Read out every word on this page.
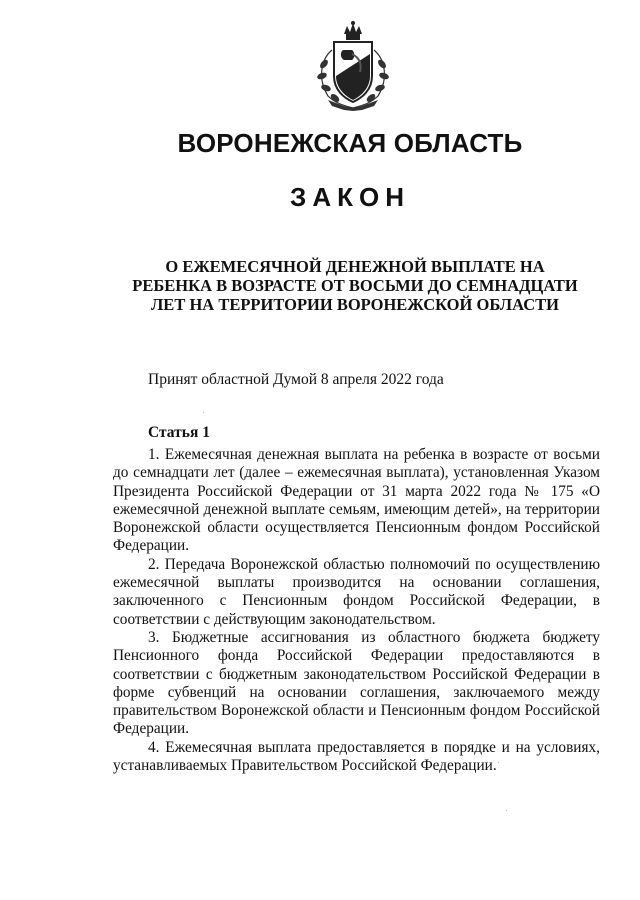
ВОРОНЕЖСКАЯ ОБЛАСТЬ
ЗАКОН
О ЕЖЕМЕСЯЧНОЙ ДЕНЕЖНОЙ ВЫПЛАТЕ НА РЕБЕНКА В ВОЗРАСТЕ ОТ ВОСЬМИ ДО СЕМНАДЦАТИ ЛЕТ НА ТЕРРИТОРИИ ВОРОНЕЖСКОЙ ОБЛАСТИ
Принят областной Думой 8 апреля 2022 года
Статья 1

1. Ежемесячная денежная выплата на ребенка в возрасте от восьми до семнадцати лет (далее – ежемесячная выплата), установленная Указом Президента Российской Федерации от 31 марта 2022 года № 175 «О ежемесячной денежной выплате семьям, имеющим детей», на территории Воронежской области осуществляется Пенсионным фондом Российской Федерации.

2. Передача Воронежской областью полномочий по осуществлению ежемесячной выплаты производится на основании соглашения, заключенного с Пенсионным фондом Российской Федерации, в соответствии с действующим законодательством.

3. Бюджетные ассигнования из областного бюджета бюджету Пенсионного фонда Российской Федерации предоставляются в соответствии с бюджетным законодательством Российской Федерации в форме субвенций на основании соглашения, заключаемого между правительством Воронежской области и Пенсионным фондом Российской Федерации.

4. Ежемесячная выплата предоставляется в порядке и на условиях, устанавливаемых Правительством Российской Федерации.
